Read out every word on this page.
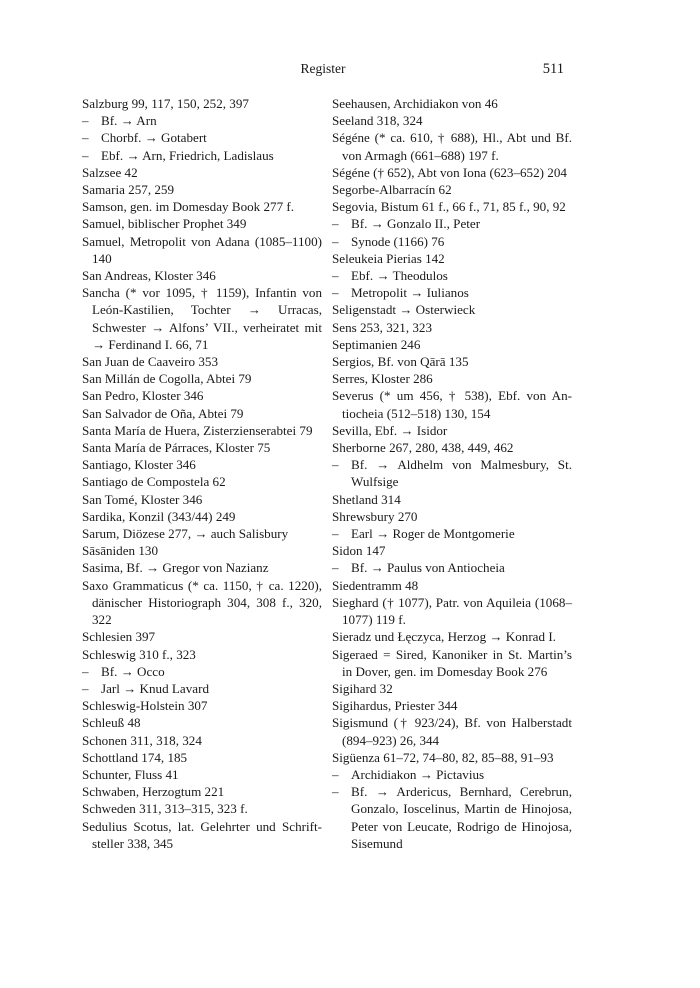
Register	511

Salzburg 99, 117, 150, 252, 397

– Bf. → Arn

– Chorbf. → Gotabert

– Ebf. → Arn, Friedrich, Ladislaus

Salzsee 42

Samaria 257, 259

Samson, gen. im Domesday Book 277 f.

Samuel, biblischer Prophet 349

Samuel, Metropolit von Adana (1085–1100) 140

San Andreas, Kloster 346

Sancha (* vor 1095, † 1159), Infantin von León-Kastilien, Tochter → Urracas, Schwester → Alfons’ VII., verheiratet mit → Ferdinand I. 66, 71

San Juan de Caaveiro 353

San Millán de Cogolla, Abtei 79

San Pedro, Kloster 346

San Salvador de Oña, Abtei 79

Santa María de Huera, Zisterzienserabtei 79

Santa María de Párraces, Kloster 75

Santiago, Kloster 346

Santiago de Compostela 62

San Tomé, Kloster 346

Sardika, Konzil (343/44) 249

Sarum, Diözese 277, → auch Salisbury

Sāsāniden 130

Sasima, Bf. → Gregor von Nazianz

Saxo Grammaticus (* ca. 1150, † ca. 1220), dänischer Historiograph 304, 308 f., 320, 322

Schlesien 397

Schleswig 310 f., 323

– Bf. → Occo

– Jarl → Knud Lavard

Schleswig-Holstein 307

Schleuß 48

Schonen 311, 318, 324

Schottland 174, 185

Schunter, Fluss 41

Schwaben, Herzogtum 221

Schweden 311, 313–315, 323 f.

Sedulius Scotus, lat. Gelehrter und Schriftsteller 338, 345

Seehausen, Archidiakon von 46

Seeland 318, 324

Ségéne (* ca. 610, † 688), Hl., Abt und Bf. von Armagh (661–688) 197 f.

Ségéne († 652), Abt von Iona (623–652) 204

Segorbe-Albarracín 62

Segovia, Bistum 61 f., 66 f., 71, 85 f., 90, 92

– Bf. → Gonzalo II., Peter

– Synode (1166) 76

Seleukeia Pierias 142

– Ebf. → Theodulos

– Metropolit → Iulianos

Seligenstadt → Osterwieck

Sens 253, 321, 323

Septimanien 246

Sergios, Bf. von Qārā 135

Serres, Kloster 286

Severus (* um 456, † 538), Ebf. von Antiocheia (512–518) 130, 154

Sevilla, Ebf. → Isidor

Sherborne 267, 280, 438, 449, 462

– Bf. → Aldhelm von Malmesbury, St. Wulfsige

Shetland 314

Shrewsbury 270

– Earl → Roger de Montgomerie

Sidon 147

– Bf. → Paulus von Antiocheia

Siedentramm 48

Sieghard († 1077), Patr. von Aquileia (1068–1077) 119 f.

Sieradz und Łęczyca, Herzog → Konrad I.

Sigeraed = Sired, Kanoniker in St. Martin’s in Dover, gen. im Domesday Book 276

Sigihard 32

Sigihardus, Priester 344

Sigismund († 923/24), Bf. von Halberstadt (894–923) 26, 344

Sigüenza 61–72, 74–80, 82, 85–88, 91–93

– Archidiakon → Pictavius

– Bf. → Ardericus, Bernhard, Cerebrun, Gonzalo, Ioscelinus, Martin de Hinojosa, Peter von Leucate, Rodrigo de Hinojosa, Sisemund
